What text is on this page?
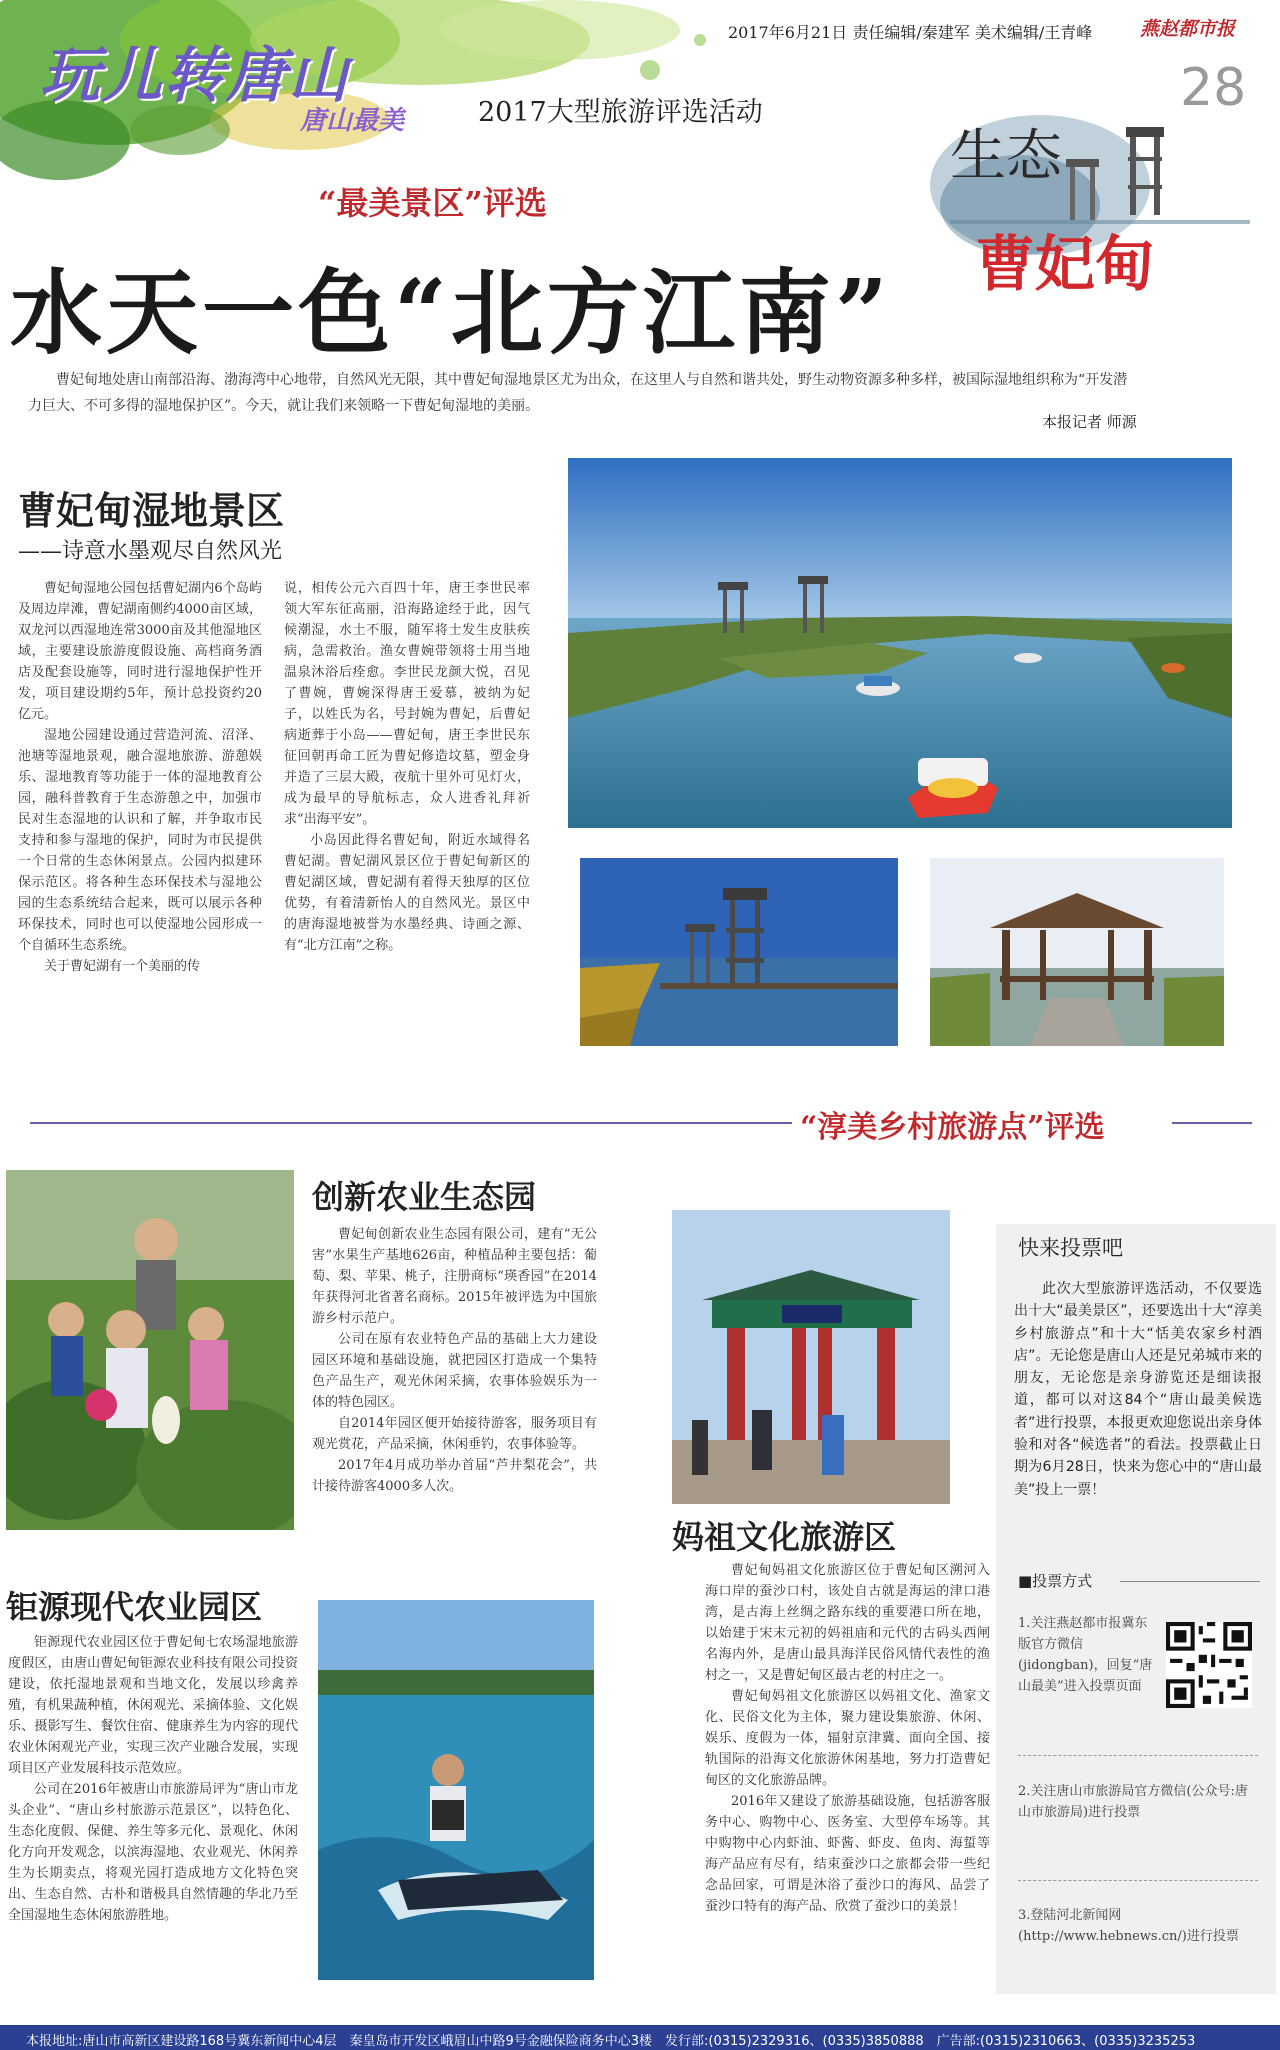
玩儿转唐山
唐山最美	2017大型旅游评选活动
2017年6月21日 责任编辑/秦建军 美术编辑/王青峰	燕赵都市报
28
生态
曹妃甸
“最美景区”评选
水天一色“北方江南”
曹妃甸地处唐山南部沿海、渤海湾中心地带，自然风光无限，其中曹妃甸湿地景区尤为出众，在这里人与自然和谐共处，野生动物资源多种多样，被国际湿地组织称为“开发潜力巨大、不可多得的湿地保护区”。今天，就让我们来领略一下曹妃甸湿地的美丽。
本报记者 师源
曹妃甸湿地景区
——诗意水墨观尽自然风光

曹妃甸湿地公园包括曹妃湖内6个岛屿及周边岸滩，曹妃湖南侧约4000亩区域，双龙河以西湿地连常3000亩及其他湿地区域，主要建设旅游度假设施、高档商务酒店及配套设施等，同时进行湿地保护性开发，项目建设期约5年，预计总投资约20亿元。

湿地公园建设通过营造河流、沼泽、池塘等湿地景观，融合湿地旅游、游憩娱乐、湿地教育等功能于一体的湿地教育公园，融科普教育于生态游憩之中，加强市民对生态湿地的认识和了解，并争取市民支持和参与湿地的保护，同时为市民提供一个日常的生态休闲景点。公园内拟建环保示范区。将各种生态环保技术与湿地公园的生态系统结合起来，既可以展示各种环保技术，同时也可以使湿地公园形成一个自循环生态系统。

关于曹妃湖有一个美丽的传

说，相传公元六百四十年，唐王李世民率领大军东征高丽，沿海路途经于此，因气候潮湿，水土不服，随军将士发生皮肤疾病，急需救治。渔女曹婉带领将士用当地温泉沐浴后痊愈。李世民龙颜大悦，召见了曹婉，曹婉深得唐王爱慕，被纳为妃子，以姓氏为名，号封婉为曹妃，后曹妃病逝葬于小岛——曹妃甸，唐王李世民东征回朝再命工匠为曹妃修造坟墓，塑金身并造了三层大殿，夜航十里外可见灯火，成为最早的导航标志，众人进香礼拜祈求“出海平安”。

小岛因此得名曹妃甸，附近水域得名曹妃湖。曹妃湖风景区位于曹妃甸新区的曹妃湖区域，曹妃湖有着得天独厚的区位优势，有着清新怡人的自然风光。景区中的唐海湿地被誉为水墨经典、诗画之源、有“北方江南”之称。

“淳美乡村旅游点”评选
创新农业生态园

曹妃甸创新农业生态园有限公司，建有“无公害”水果生产基地626亩，种植品种主要包括：葡萄、梨、苹果、桃子，注册商标“瑛香园”在2014年获得河北省著名商标。2015年被评选为中国旅游乡村示范户。

公司在原有农业特色产品的基础上大力建设园区环境和基础设施，就把园区打造成一个集特色产品生产，观光休闲采摘，农事体验娱乐为一体的特色园区。

自2014年园区便开始接待游客，服务项目有观光赏花，产品采摘，休闲垂钓，农事体验等。

2017年4月成功举办首届“芦井梨花会”，共计接待游客4000多人次。

钜源现代农业园区

钜源现代农业园区位于曹妃甸七农场湿地旅游度假区，由唐山曹妃甸钜源农业科技有限公司投资建设，依托湿地景观和当地文化，发展以珍禽养殖，有机果蔬种植，休闲观光、采摘体验、文化娱乐、摄影写生、餐饮住宿、健康养生为内容的现代农业休闲观光产业，实现三次产业融合发展，实现项目区产业发展科技示范效应。

公司在2016年被唐山市旅游局评为“唐山市龙头企业”、“唐山乡村旅游示范景区”，以特色化、生态化度假、保健、养生等多元化、景观化、休闲化方向开发观念，以滨海湿地、农业观光、休闲养生为长期卖点，将观光园打造成地方文化特色突出、生态自然、古朴和谐极具自然情趣的华北乃至全国湿地生态休闲旅游胜地。

妈祖文化旅游区

曹妃甸妈祖文化旅游区位于曹妃甸区溯河入海口岸的蚕沙口村，该处自古就是海运的津口港湾，是古海上丝绸之路东线的重要港口所在地，以始建于宋末元初的妈祖庙和元代的古码头西闸名海内外，是唐山最具海洋民俗风情代表性的渔村之一，又是曹妃甸区最古老的村庄之一。

曹妃甸妈祖文化旅游区以妈祖文化、渔家文化、民俗文化为主体，聚力建设集旅游、休闲、娱乐、度假为一体，辐射京津冀、面向全国、接轨国际的沿海文化旅游休闲基地，努力打造曹妃甸区的文化旅游品牌。

2016年又建设了旅游基础设施，包括游客服务中心、购物中心、医务室、大型停车场等。其中购物中心内虾油、虾酱、虾皮、鱼肉、海蜇等海产品应有尽有，结束蚕沙口之旅都会带一些纪念品回家，可谓是沐浴了蚕沙口的海风、品尝了蚕沙口特有的海产品、欣赏了蚕沙口的美景！

快来投票吧
此次大型旅游评选活动，不仅要选出十大“最美景区”，还要选出十大“淳美乡村旅游点”和十大“恬美农家乡村酒店”。无论您是唐山人还是兄弟城市来的朋友，无论您是亲身游览还是细读报道，都可以对这84个“唐山最美候选者”进行投票，本报更欢迎您说出亲身体验和对各“候选者”的看法。投票截止日期为6月28日，快来为您心中的“唐山最美”投上一票！
■投票方式
1.关注燕赵都市报冀东版官方微信(jidongban)，回复“唐山最美”进入投票页面
2.关注唐山市旅游局官方微信(公众号:唐山市旅游局)进行投票
3.登陆河北新闻网(http://www.hebnews.cn/)进行投票
本报地址:唐山市高新区建设路168号冀东新闻中心4层　秦皇岛市开发区峨眉山中路9号金融保险商务中心3楼　发行部:(0315)2329316、(0335)3850888　广告部:(0315)2310663、(0335)3235253
